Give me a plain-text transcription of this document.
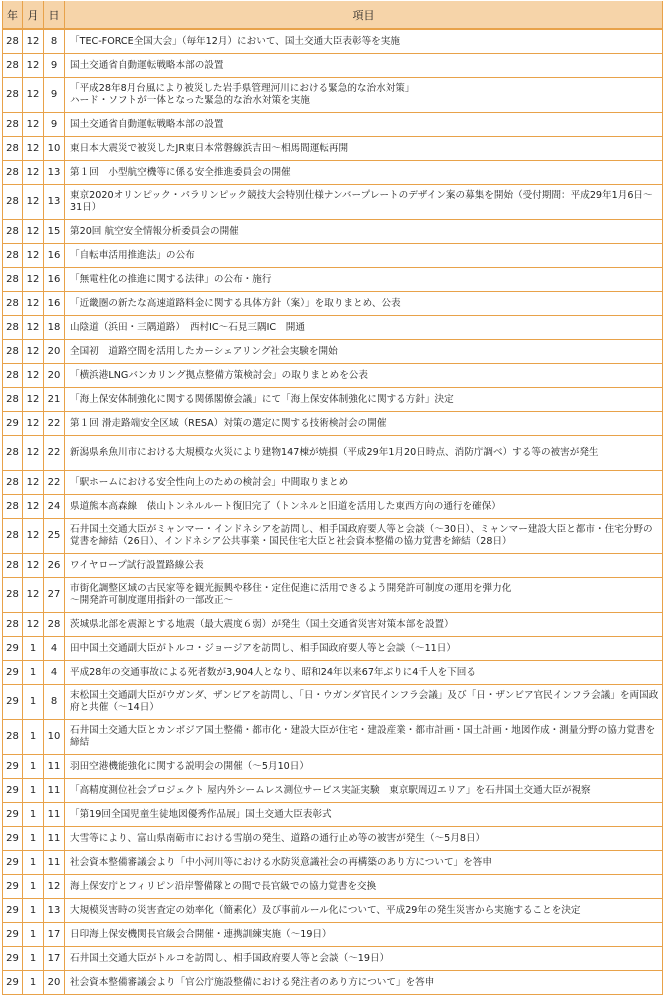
年	月	日	項目
28	12	8	「TEC-FORCE全国大会」（毎年12月）において、国土交通大臣表彰等を実施

28	12	9	国土交通省自動運転戦略本部の設置

28	12	9	「平成28年8月台風により被災した岩手県管理河川における緊急的な治水対策」
ハード・ソフトが一体となった緊急的な治水対策を実施

28	12	9	国土交通省自動運転戦略本部の設置

28	12	10	東日本大震災で被災したJR東日本常磐線浜吉田～相馬間運転再開

28	12	13	第１回　小型航空機等に係る安全推進委員会の開催

28	12	13	東京2020オリンピック・パラリンピック競技大会特別仕様ナンバープレートのデザイン案の募集を開始（受付期間：平成29年1月6日～31日）

28	12	15	第20回 航空安全情報分析委員会の開催

28	12	16	「自転車活用推進法」の公布

28	12	16	「無電柱化の推進に関する法律」の公布・施行

28	12	16	「近畿圏の新たな高速道路料金に関する具体方針（案）」を取りまとめ、公表

28	12	18	山陰道（浜田・三隅道路）　西村IC～石見三隅IC　開通

28	12	20	全国初　道路空間を活用したカーシェアリング社会実験を開始

28	12	20	「横浜港LNGバンカリング拠点整備方策検討会」の取りまとめを公表

28	12	21	「海上保安体制強化に関する関係閣僚会議」にて「海上保安体制強化に関する方針」決定

29	12	22	第１回 滑走路端安全区域（RESA）対策の選定に関する技術検討会の開催

28	12	22	新潟県糸魚川市における大規模な火災により建物147棟が焼損（平成29年1月20日時点、消防庁調べ）する等の被害が発生

28	12	22	「駅ホームにおける安全性向上のための検討会」中間取りまとめ

28	12	24	県道熊本高森線　俵山トンネルルート復旧完了（トンネルと旧道を活用した東西方向の通行を確保）

28	12	25	石井国土交通大臣がミャンマー・インドネシアを訪問し、相手国政府要人等と会談（～30日）、ミャンマー建設大臣と都市・住宅分野の覚書を締結（26日）、インドネシア公共事業・国民住宅大臣と社会資本整備の協力覚書を締結（28日）

28	12	26	ワイヤロープ試行設置路線公表

28	12	27	市街化調整区域の古民家等を観光振興や移住・定住促進に活用できるよう開発許可制度の運用を弾力化
～開発許可制度運用指針の一部改正～

28	12	28	茨城県北部を震源とする地震（最大震度６弱）が発生（国土交通省災害対策本部を設置）

29	1	4	田中国土交通副大臣がトルコ・ジョージアを訪問し、相手国政府要人等と会談（～11日）

29	1	4	平成28年の交通事故による死者数が3,904人となり、昭和24年以来67年ぶりに4千人を下回る

29	1	8	末松国土交通副大臣がウガンダ、ザンビアを訪問し、「日・ウガンダ官民インフラ会議」及び「日・ザンビア官民インフラ会議」を両国政府と共催（～14日）

28	1	10	石井国土交通大臣とカンボジア国土整備・都市化・建設大臣が住宅・建設産業・都市計画・国土計画・地図作成・測量分野の協力覚書を締結

29	1	11	羽田空港機能強化に関する説明会の開催（～5月10日）

29	1	11	「高精度測位社会プロジェクト 屋内外シームレス測位サービス実証実験　東京駅周辺エリア」を石井国土交通大臣が視察

29	1	11	「第19回全国児童生徒地図優秀作品展」国土交通大臣表彰式

29	1	11	大雪等により、富山県南砺市における雪崩の発生、道路の通行止め等の被害が発生（～5月8日）

29	1	11	社会資本整備審議会より「中小河川等における水防災意識社会の再構築のあり方について」を答申

29	1	12	海上保安庁とフィリピン沿岸警備隊との間で長官級での協力覚書を交換

29	1	13	大規模災害時の災害査定の効率化（簡素化）及び事前ルール化について、平成29年の発生災害から実施することを決定

29	1	17	日印海上保安機関長官級会合開催・連携訓練実施（～19日）

29	1	17	石井国土交通大臣がトルコを訪問し、相手国政府要人等と会談（～19日）

29	1	20	社会資本整備審議会より「官公庁施設整備における発注者のあり方について」を答申
